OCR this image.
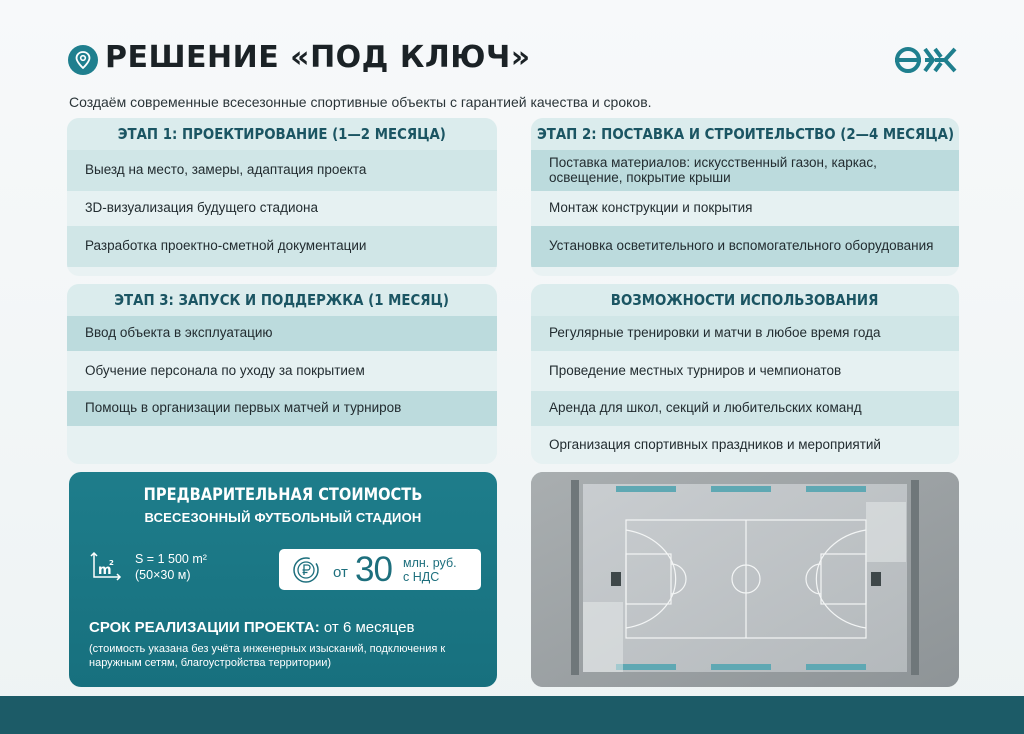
РЕШЕНИЕ «ПОД КЛЮЧ»
Создаём современные всесезонные спортивные объекты с гарантией качества и сроков.
ЭТАП 1: ПРОЕКТИРОВАНИЕ (1—2 МЕСЯЦА)
Выезд на место, замеры, адаптация проекта
3D-визуализация будущего стадиона
Разработка проектно-сметной документации
ЭТАП 2: ПОСТАВКА И СТРОИТЕЛЬСТВО (2—4 МЕСЯЦА)
Поставка материалов: искусственный газон, каркас, освещение, покрытие крыши
Монтаж конструкции и покрытия
Установка осветительного и вспомогательного оборудования
ЭТАП 3: ЗАПУСК И ПОДДЕРЖКА (1 МЕСЯЦ)
Ввод объекта в эксплуатацию
Обучение персонала по уходу за покрытием
Помощь в организации первых матчей и турниров
ВОЗМОЖНОСТИ ИСПОЛЬЗОВАНИЯ
Регулярные тренировки и матчи в любое время года
Проведение местных турниров и чемпионатов
Аренда для школ, секций и любительских команд
Организация спортивных праздников и мероприятий
ПРЕДВАРИТЕЛЬНАЯ СТОИМОСТЬ
ВСЕСЕЗОННЫЙ ФУТБОЛЬНЫЙ СТАДИОН
m
2 S = 1 500 m²
(50×30 м)	от 30 млн. руб.
с НДС
СРОК РЕАЛИЗАЦИИ ПРОЕКТА: от 6 месяцев
(стоимость указана без учёта инженерных изысканий, подключения к наружным сетям, благоустройства территории)
